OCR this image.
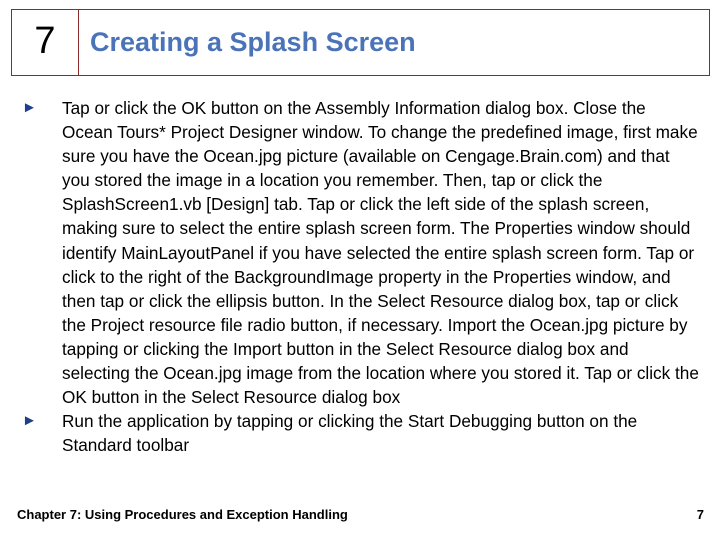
7 Creating a Splash Screen
► Tap or click the OK button on the Assembly Information dialog box. Close the Ocean Tours* Project Designer window. To change the predefined image, first make sure you have the Ocean.jpg picture (available on Cengage.Brain.com) and that you stored the image in a location you remember. Then, tap or click the SplashScreen1.vb [Design] tab. Tap or click the left side of the splash screen, making sure to select the entire splash screen form. The Properties window should identify MainLayoutPanel if you have selected the entire splash screen form. Tap or click to the right of the BackgroundImage property in the Properties window, and then tap or click the ellipsis button. In the Select Resource dialog box, tap or click the Project resource file radio button, if necessary. Import the Ocean.jpg picture by tapping or clicking the Import button in the Select Resource dialog box and selecting the Ocean.jpg image from the location where you stored it. Tap or click the OK button in the Select Resource dialog box
► Run the application by tapping or clicking the Start Debugging button on the Standard toolbar
Chapter 7: Using Procedures and Exception Handling	7
